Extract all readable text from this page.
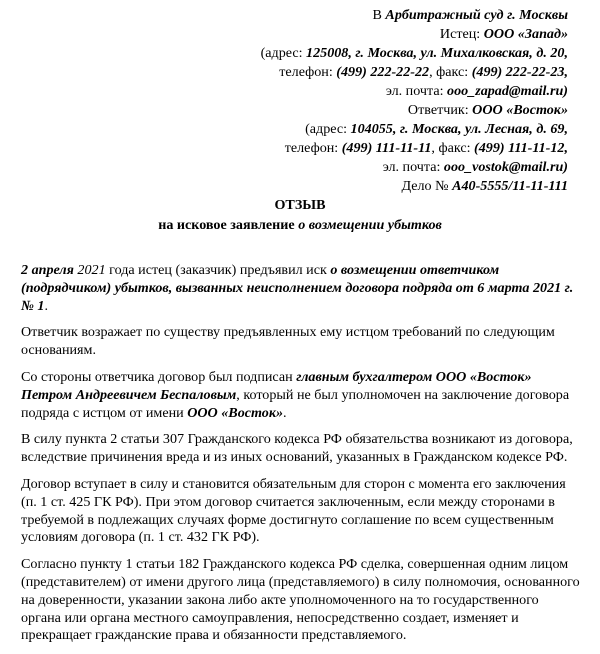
В Арбитражный суд г. Москвы
Истец: ООО «Запад»
(адрес: 125008, г. Москва, ул. Михалковская, д. 20,
телефон: (499) 222-22-22, факс: (499) 222-22-23,
эл. почта: ooo_zapad@mail.ru)
Ответчик: ООО «Восток»
(адрес: 104055, г. Москва, ул. Лесная, д. 69,
телефон: (499) 111-11-11, факс: (499) 111-11-12,
эл. почта: ooo_vostok@mail.ru)
Дело № А40-5555/11-11-111
ОТЗЫВ
на исковое заявление о возмещении убытков

2 апреля 2021 года истец (заказчик) предъявил иск о возмещении ответчиком (подрядчиком) убытков, вызванных неисполнением договора подряда от 6 марта 2021 г. № 1.

Ответчик возражает по существу предъявленных ему истцом требований по следующим основаниям.

Со стороны ответчика договор был подписан главным бухгалтером ООО «Восток» Петром Андреевичем Беспаловым, который не был уполномочен на заключение договора подряда с истцом от имени ООО «Восток».

В силу пункта 2 статьи 307 Гражданского кодекса РФ обязательства возникают из договора, вследствие причинения вреда и из иных оснований, указанных в Гражданском кодексе РФ.

Договор вступает в силу и становится обязательным для сторон с момента его заключения (п. 1 ст. 425 ГК РФ). При этом договор считается заключенным, если между сторонами в требуемой в подлежащих случаях форме достигнуто соглашение по всем существенным условиям договора (п. 1 ст. 432 ГК РФ).

Согласно пункту 1 статьи 182 Гражданского кодекса РФ сделка, совершенная одним лицом (представителем) от имени другого лица (представляемого) в силу полномочия, основанного на доверенности, указании закона либо акте уполномоченного на то государственного органа или органа местного самоуправления, непосредственно создает, изменяет и прекращает гражданские права и обязанности представляемого.
